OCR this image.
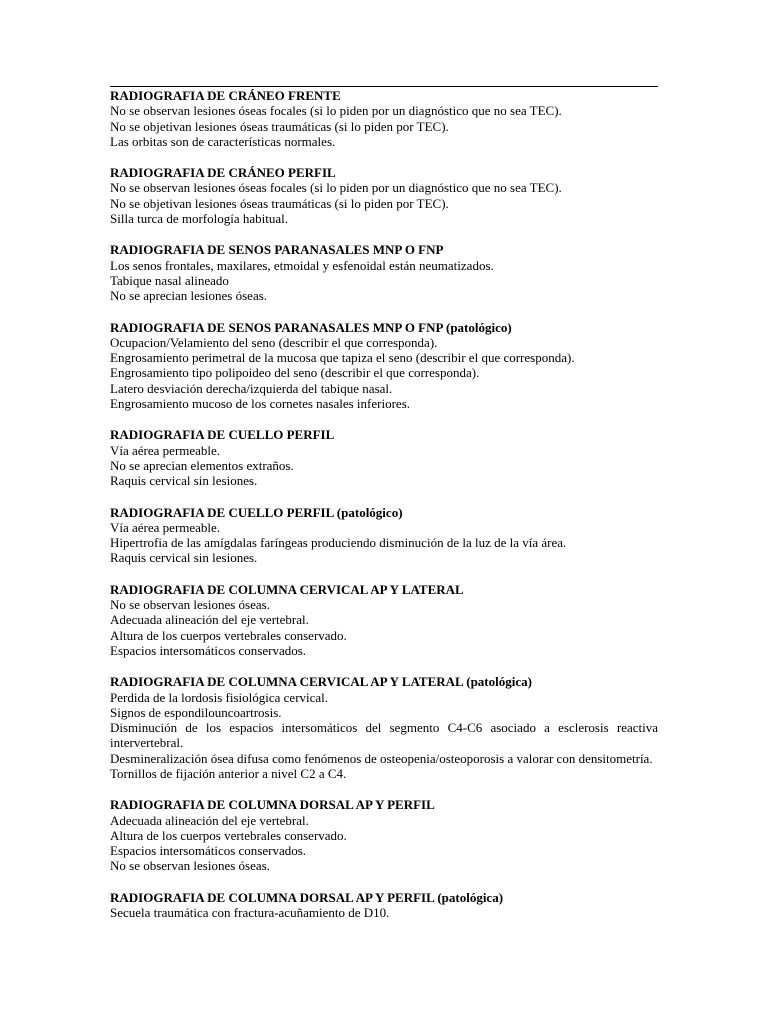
RADIOGRAFIA DE CRÁNEO FRENTE
No se observan lesiones óseas focales (si lo piden por un diagnóstico que no sea TEC).
No se objetivan lesiones óseas traumáticas (si lo piden por TEC).
Las orbitas son de características normales.
RADIOGRAFIA DE CRÁNEO PERFIL
No se observan lesiones óseas focales (si lo piden por un diagnóstico que no sea TEC).
No se objetivan lesiones óseas traumáticas (si lo piden por TEC).
Silla turca de morfología habitual.
RADIOGRAFIA DE SENOS PARANASALES MNP O FNP
Los senos frontales, maxilares, etmoidal y esfenoidal están neumatizados.
Tabique nasal alineado
No se aprecian lesiones óseas.
RADIOGRAFIA DE SENOS PARANASALES MNP O FNP (patológico)
Ocupacion/Velamiento del seno (describir el que corresponda).
Engrosamiento perimetral de la mucosa que tapiza el seno (describir el que corresponda).
Engrosamiento tipo polipoideo del seno (describir el que corresponda).
Latero desviación derecha/izquierda del tabique nasal.
Engrosamiento mucoso de los cornetes nasales inferiores.
RADIOGRAFIA DE CUELLO PERFIL
Vía aérea permeable.
No se aprecian elementos extraños.
Raquis cervical sin lesiones.
RADIOGRAFIA DE CUELLO PERFIL (patológico)
Vía aérea permeable.
Hipertrofia de las amígdalas faríngeas produciendo disminución de la luz de la vía área.
Raquis cervical sin lesiones.
RADIOGRAFIA DE COLUMNA CERVICAL AP Y LATERAL
No se observan lesiones óseas.
Adecuada alineación del eje vertebral.
Altura de los cuerpos vertebrales conservado.
Espacios intersomáticos conservados.
RADIOGRAFIA DE COLUMNA CERVICAL AP Y LATERAL (patológica)
Perdida de la lordosis fisiológica cervical.
Signos de espondilouncoartrosis.
Disminución de los espacios intersomáticos del segmento C4-C6 asociado a esclerosis reactiva intervertebral.
Desmineralización ósea difusa como fenómenos de osteopenia/osteoporosis a valorar con densitometría.
Tornillos de fijación anterior a nivel C2 a C4.
RADIOGRAFIA DE COLUMNA DORSAL AP Y PERFIL
Adecuada alineación del eje vertebral.
Altura de los cuerpos vertebrales conservado.
Espacios intersomáticos conservados.
No se observan lesiones óseas.
RADIOGRAFIA DE COLUMNA DORSAL AP Y PERFIL (patológica)
Secuela traumática con fractura-acuñamiento de D10.
